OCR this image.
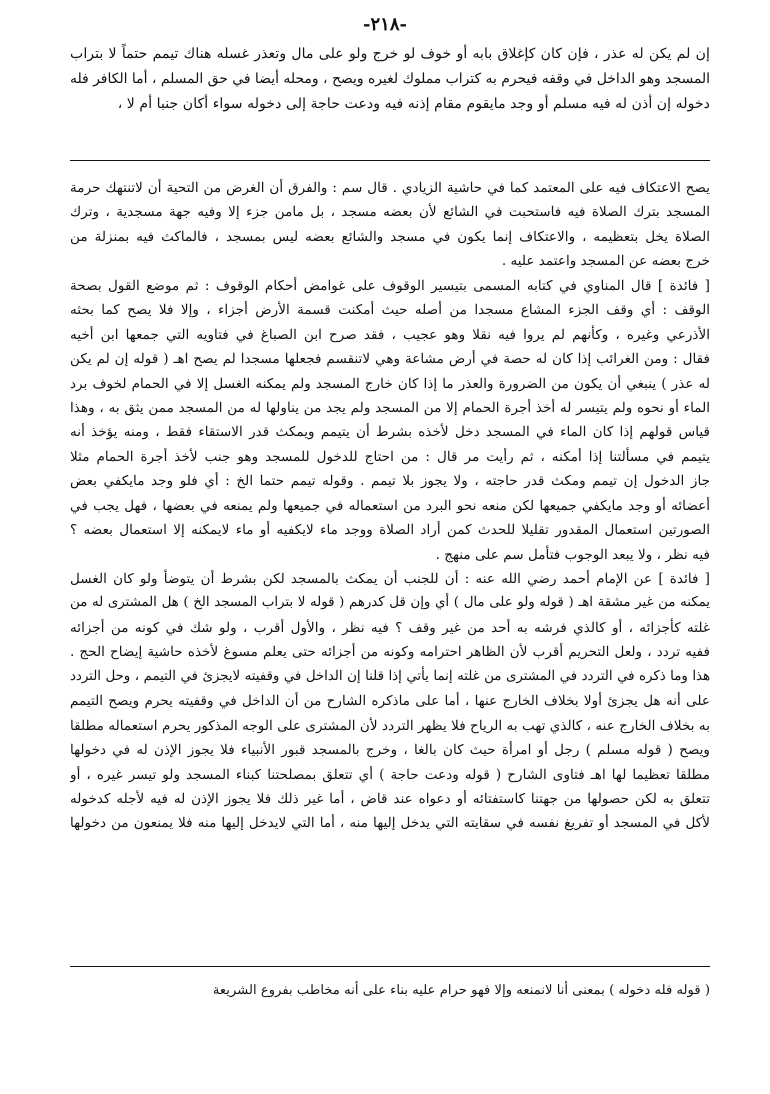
-٢١٨-
إن لم يكن له عذر ، فإن كان كإغلاق بابه أو خوف لو خرج ولو على مال وتعذر غسله هناك تيمم حتماً لا بتراب
المسجد وهو الداخل في وقفه فيحرم به كتراب مملوك لغيره ويصح ، ومحله أيضا في حق المسلم ، أما الكافر فله
دخوله إن أذن له فيه مسلم أو وجد مايقوم مقام إذنه فيه ودعت حاجة إلى دخوله سواء أكان جنبا أم لا ،
يصح الاعتكاف فيه على المعتمد كما في حاشية الزيادي . قال سم : والفرق أن الغرض من التحية أن لاتنتهك حرمة
المسجد بترك الصلاة فيه فاستحبت في الشائع لأن بعضه مسجد ، بل مامن جزء إلا وفيه جهة مسجدية ، وترك
الصلاة يخل بتعظيمه ، والاعتكاف إنما يكون في مسجد والشائع بعضه ليس بمسجد ، فالماكث فيه بمنزلة من
خرج بعضه عن المسجد واعتمد عليه .
[ فائدة ] قال المناوي في كتابه المسمى بتيسير الوقوف على غوامض أحكام الوقوف : ثم موضع القول بصحة
الوقف : أي وقف الجزء المشاع مسجدا من أصله حيث أمكنت قسمة الأرض أجزاء ، وإلا فلا يصح كما بحثه
الأذرعي وغيره ، وكأنهم لم يروا فيه نقلا وهو عجيب ، فقد صرح ابن الصباغ في فتاويه التي جمعها ابن أخيه
فقال : ومن الغرائب إذا كان له حصة في أرض مشاعة وهي لاتنقسم فجعلها مسجدا لم يصح اهـ ( قوله إن لم يكن
له عذر ) ينبغي أن يكون من الضرورة والعذر ما إذا كان خارج المسجد ولم يمكنه الغسل إلا في الحمام لخوف برد
الماء أو نحوه ولم يتيسر له أخذ أجرة الحمام إلا من المسجد ولم يجد من يناولها له من المسجد ممن يثق به ، وهذا
قياس قولهم إذا كان الماء في المسجد دخل لأخذه بشرط أن يتيمم ويمكث قدر الاستقاء فقط ، ومنه يؤخذ أنه
يتيمم في مسألتنا إذا أمكنه ، ثم رأيت مر قال : من احتاج للدخول للمسجد وهو جنب لأخذ أجرة الحمام مثلا
جاز الدخول إن تيمم ومكث قدر حاجته ، ولا يجوز بلا تيمم . وقوله تيمم حتما الخ : أي فلو وجد مايكفي بعض
أعضائه أو وجد مايكفي جميعها لكن منعه نحو البرد من استعماله في جميعها ولم يمنعه في بعضها ، فهل يجب في
الصورتين استعمال المقدور تقليلا للحدث كمن أراد الصلاة ووجد ماء لايكفيه أو ماء لايمكنه إلا استعمال بعضه ؟
فيه نظر ، ولا يبعد الوجوب فتأمل سم على منهج .
[ فائدة ] عن الإمام أحمد رضي الله عنه : أن للجنب أن يمكث بالمسجد لكن بشرط أن يتوضأ ولو كان الغسل
يمكنه من غير مشقة اهـ ( قوله ولو على مال ) أي وإن قل كدرهم ( قوله لا بتراب المسجد الخ ) هل المشترى له من
غلته كأجزائه ، أو كالذي فرشه به أحد من غير وقف ؟ فيه نظر ، والأول أقرب ، ولو شك في كونه من أجزائه
ففيه تردد ، ولعل التحريم أقرب لأن الظاهر احترامه وكونه من أجزائه حتى يعلم مسوغ لأخذه حاشية إيضاح الحج .
هذا وما ذكره في التردد في المشترى من غلته إنما يأتي إذا قلنا إن الداخل في وقفيته لايجزئ في التيمم ، وحل التردد
على أنه هل يجزئ أولا بخلاف الخارج عنها ، أما على ماذكره الشارح من أن الداخل في وقفيته يحرم ويصح التيمم
به بخلاف الخارج عنه ، كالذي تهب به الرياح فلا يظهر التردد لأن المشترى على الوجه المذكور يحرم استعماله مطلقا
ويصح ( قوله مسلم ) رجل أو امرأة حيث كان بالغا ، وخرج بالمسجد قبور الأنبياء فلا يجوز الإذن له في دخولها
مطلقا تعظيما لها اهـ فتاوى الشارح ( قوله ودعت حاجة ) أي تتعلق بمصلحتنا كبناء المسجد ولو تيسر غيره ، أو
تتعلق به لكن حصولها من جهتنا كاستفتائه أو دعواه عند قاض ، أما غير ذلك فلا يجوز الإذن له فيه لأجله كدخوله
لأكل في المسجد أو تفريغ نفسه في سقايته التي يدخل إليها منه ، أما التي لايدخل إليها منه فلا يمنعون من دخولها
( قوله فله دخوله ) بمعنى أنا لانمنعه وإلا فهو حرام عليه بناء على أنه مخاطب بفروع الشريعة
